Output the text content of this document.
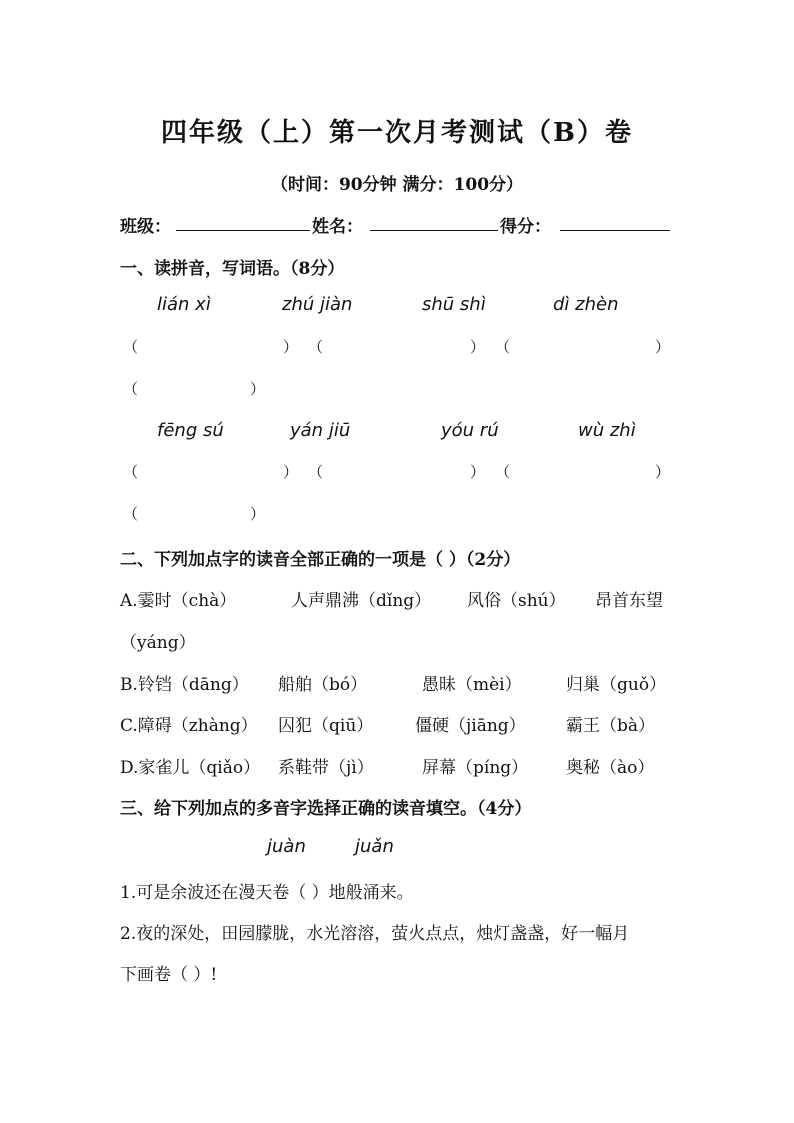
四年级（上）第一次月考测试（B）卷
（时间：90分钟 满分：100分）
班级：	姓名：	得分：
一、读拼音，写词语。（8分）
lián xì	zhú jiàn	shū shì	dì zhèn
（	） （	） （	）
（	）
fēng sú	yán jiū	yóu rú	wù zhì
（	） （	） （	）
（	）
二、下列加点字的读音全部正确的一项是（ ）（2分）
A.霎时（chà）	人声鼎沸（dǐng） 风俗（shú） 昂首东望
（yáng）
B.铃铛（dāng） 船舶（bó）	愚昧（mèi）	归巢（guǒ）
C.障碍（zhàng） 囚犯（qiū） 僵硬（jiāng） 霸王（bà）
D.家雀儿（qiǎo） 系鞋带（jì）	屏幕（píng） 奥秘（ào）
三、给下列加点的多音字选择正确的读音填空。（4分）
juàn	juǎn
1.可是余波还在漫天卷（ ）地般涌来。
2.夜的深处，田园朦胧，水光溶溶，萤火点点，烛灯盏盏，好一幅月
下画卷（ ）!
